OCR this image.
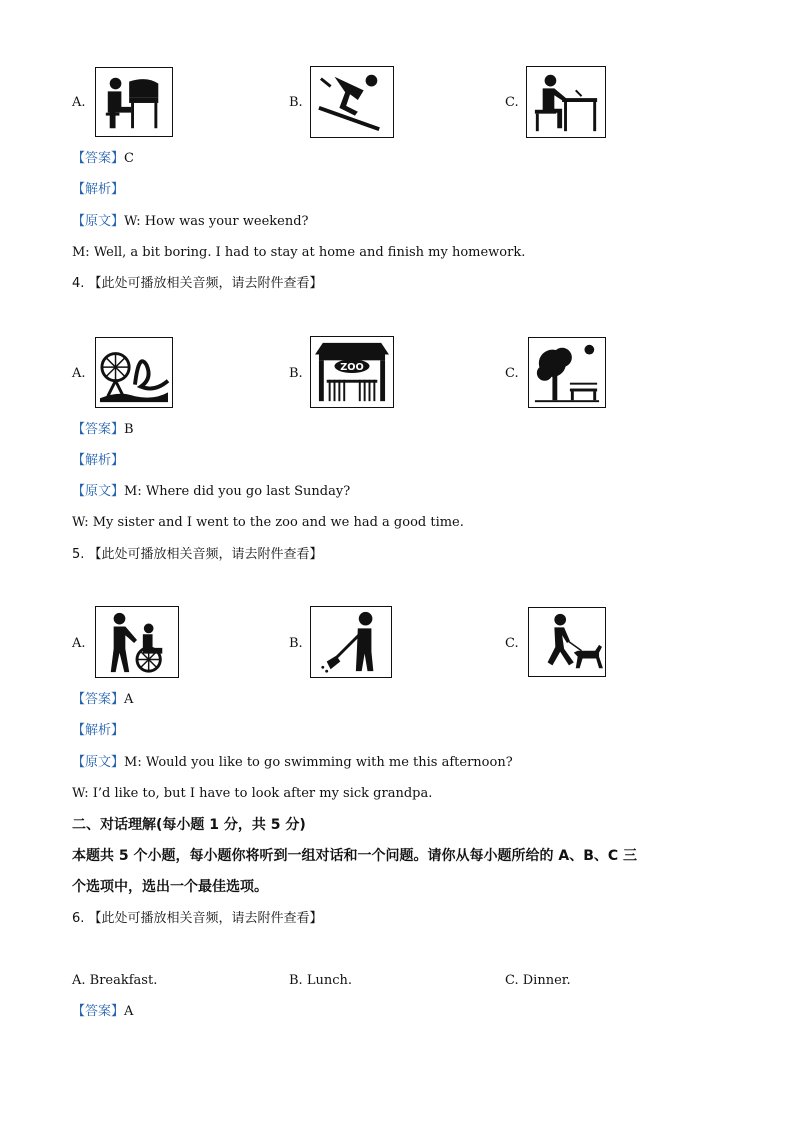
A.	B.	C.
【答案】C
【解析】
【原文】W: How was your weekend?
M: Well, a bit boring. I had to stay at home and finish my homework.
4. 【此处可播放相关音频，请去附件查看】
A.	B.	ZOO	C.
【答案】B
【解析】
【原文】M: Where did you go last Sunday?
W: My sister and I went to the zoo and we had a good time.
5. 【此处可播放相关音频，请去附件查看】
A.	B.	C.
【答案】A
【解析】
【原文】M: Would you like to go swimming with me this afternoon?
W: I’d like to, but I have to look after my sick grandpa.
二、对话理解(每小题 1 分，共 5 分)
本题共 5 个小题，每小题你将听到一组对话和一个问题。请你从每小题所给的 A、B、C 三
个选项中，选出一个最佳选项。
6. 【此处可播放相关音频，请去附件查看】
A. Breakfast.	B. Lunch.	C. Dinner.
【答案】A
